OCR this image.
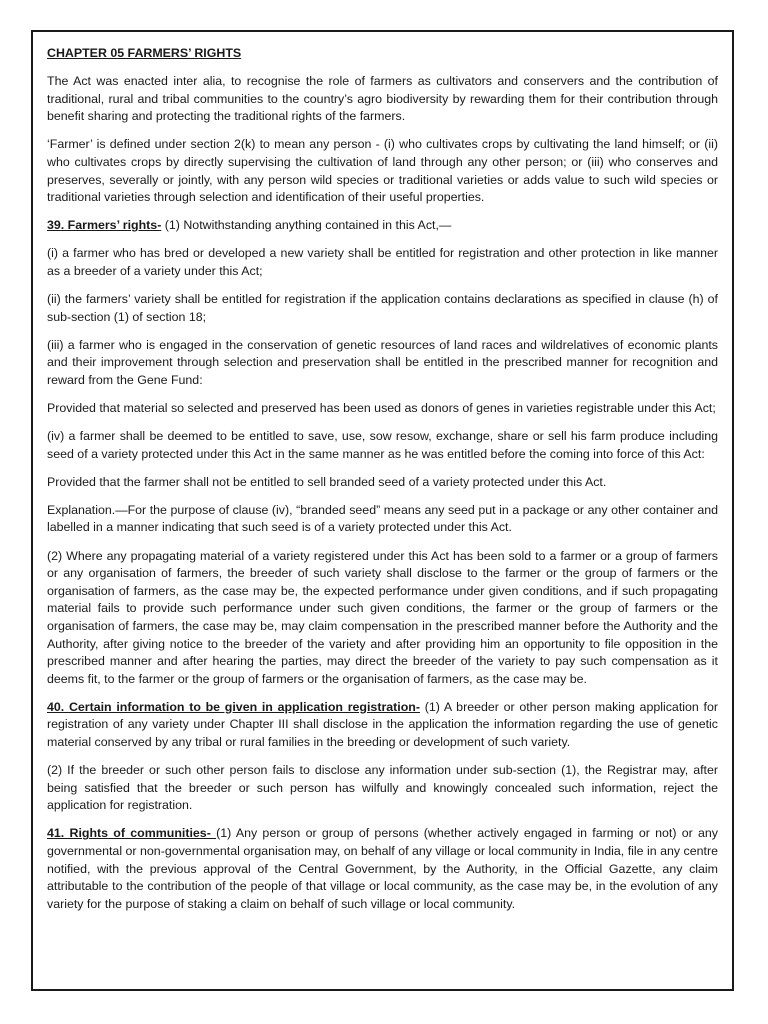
CHAPTER 05 FARMERS’ RIGHTS

The Act was enacted inter alia, to recognise the role of farmers as cultivators and conservers and the contribution of traditional, rural and tribal communities to the country’s agro biodiversity by rewarding them for their contribution through benefit sharing and protecting the traditional rights of the farmers.

‘Farmer’ is defined under section 2(k) to mean any person - (i) who cultivates crops by cultivating the land himself; or (ii) who cultivates crops by directly supervising the cultivation of land through any other person; or (iii) who conserves and preserves, severally or jointly, with any person wild species or traditional varieties or adds value to such wild species or traditional varieties through selection and identification of their useful properties.

39. Farmers’ rights- (1) Notwithstanding anything contained in this Act,—

(i) a farmer who has bred or developed a new variety shall be entitled for registration and other protection in like manner as a breeder of a variety under this Act;

(ii) the farmers’ variety shall be entitled for registration if the application contains declarations as specified in clause (h) of sub-section (1) of section 18;

(iii) a farmer who is engaged in the conservation of genetic resources of land races and wildrelatives of economic plants and their improvement through selection and preservation shall be entitled in the prescribed manner for recognition and reward from the Gene Fund:

Provided that material so selected and preserved has been used as donors of genes in varieties registrable under this Act;

(iv) a farmer shall be deemed to be entitled to save, use, sow resow, exchange, share or sell his farm produce including seed of a variety protected under this Act in the same manner as he was entitled before the coming into force of this Act:

Provided that the farmer shall not be entitled to sell branded seed of a variety protected under this Act.

Explanation.—For the purpose of clause (iv), “branded seed” means any seed put in a package or any other container and labelled in a manner indicating that such seed is of a variety protected under this Act.

(2) Where any propagating material of a variety registered under this Act has been sold to a farmer or a group of farmers or any organisation of farmers, the breeder of such variety shall disclose to the farmer or the group of farmers or the organisation of farmers, as the case may be, the expected performance under given conditions, and if such propagating material fails to provide such performance under such given conditions, the farmer or the group of farmers or the organisation of farmers, the case may be, may claim compensation in the prescribed manner before the Authority and the Authority, after giving notice to the breeder of the variety and after providing him an opportunity to file opposition in the prescribed manner and after hearing the parties, may direct the breeder of the variety to pay such compensation as it deems fit, to the farmer or the group of farmers or the organisation of farmers, as the case may be.

40. Certain information to be given in application registration- (1) A breeder or other person making application for registration of any variety under Chapter III shall disclose in the application the information regarding the use of genetic material conserved by any tribal or rural families in the breeding or development of such variety.

(2) If the breeder or such other person fails to disclose any information under sub-section (1), the Registrar may, after being satisfied that the breeder or such person has wilfully and knowingly concealed such information, reject the application for registration.

41. Rights of communities- (1) Any person or group of persons (whether actively engaged in farming or not) or any governmental or non-governmental organisation may, on behalf of any village or local community in India, file in any centre notified, with the previous approval of the Central Government, by the Authority, in the Official Gazette, any claim attributable to the contribution of the people of that village or local community, as the case may be, in the evolution of any variety for the purpose of staking a claim on behalf of such village or local community.
